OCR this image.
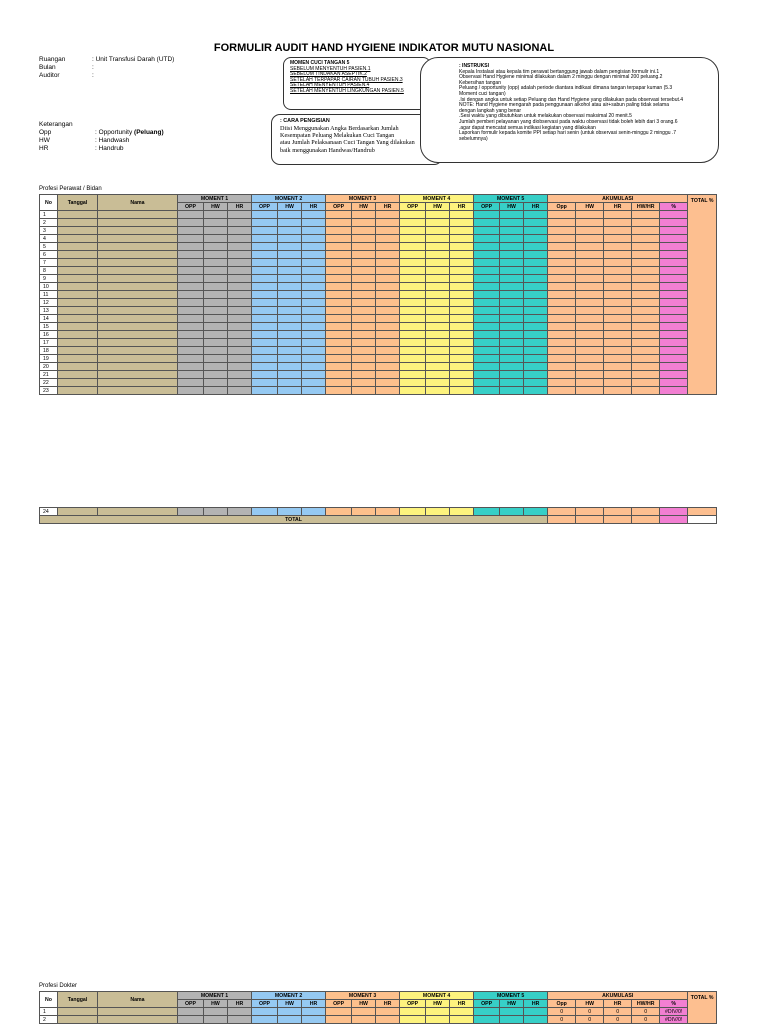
FORMULIR AUDIT HAND HYGIENE INDIKATOR MUTU NASIONAL
Ruangan	: Unit Transfusi Darah (UTD)
Bulan	:
Auditor	:
Keterangan
Opp	: Opportunity (Peluang)
HW	: Handwash
HR	: Handrub
MOMEN CUCI TANGAN 5
SEBELUM MENYENTUH PASIEN.1
SEBELUM TINDAKAN ASEPTIK.2
SETELAH TERPAPAR CAIRAN TUBUH PASIEN.3
SETELAH MENYENTUH PASIEN.4
SETELAH MENYENTUH LINGKUNGAN PASIEN.5
: CARA PENGISIAN
Diisi Menggunakan Angka Berdasarkan Jumlah
Kesempatan Peluang Melakukan Cuci Tangan
atau Jumlah Pelaksanaan Cuci Tangan Yang dilakukan
baik menggunakan Handwas/Handrub
: INSTRUKSI
Kepala Instalasi atau kepala tim perawat bertanggung jawab dalam pengisian formulir ini.1
Observasi Hand Hygiene minimal dilakukan dalam 2 minggu dengan minimal 200 peluang.2
Kebersihan tangan
Peluang / opportunity (opp) adalah periode diantara indikasi dimana tangan terpapar kuman (5.3
Moment cuci tangan)
.Isi dengan angka untuk setiap Peluang dan Hand Hygiene yang dilakukan pada observasi tersebut.4
NOTE: Hand Hygiene mengarah pada penggunaan alkohol atau air+sabun paling tidak selama
dengan langkah yang benar
.Sesi waktu yang dibutuhkan untuk melakukan observasi maksimal 20 menit.5
Jumlah pemberi pelayanan yang diobservasi pada waktu observasi tidak boleh lebih dari 3 orang.6
.agar dapat mencatat semua indikasi kegiatan yang dilakukan
Laporkan formulir kepada komite PPI setiap hari senin (untuk observasi senin-minggu 2 minggu .7
sebelumnya)
Profesi Perawat / Bidan
No	Tanggal	Nama	MOMENT 1			MOMENT 2			MOMENT 3			MOMENT 4			MOMENT 5			AKUMULASI					TOTAL %
			OPP	HW	HR	OPP	HW	HR	OPP	HW	HR	OPP	HW	HR	OPP	HW	HR	Opp	HW	HR	HW/HR	%	
1																							
2																							
3																							
4																							
5																							
6																							
7																							
8																							
9																							
10																							
11																							
12																							
13																							
14																							
15																							
16																							
17																							
18																							
19																							
20																							
21																							
22																							
23																							
24																							
TOTAL																							
Profesi Dokter
No	Tanggal	Nama	MOMENT 1			MOMENT 2			MOMENT 3			MOMENT 4			MOMENT 5			AKUMULASI					TOTAL %
			OPP	HW	HR	OPP	HW	HR	OPP	HW	HR	OPP	HW	HR	OPP	HW	HR	Opp	HW	HR	HW/HR	%	
1																		0	0	0	0	#DIV/0!	
2																		0	0	0	0	#DIV/0!	
